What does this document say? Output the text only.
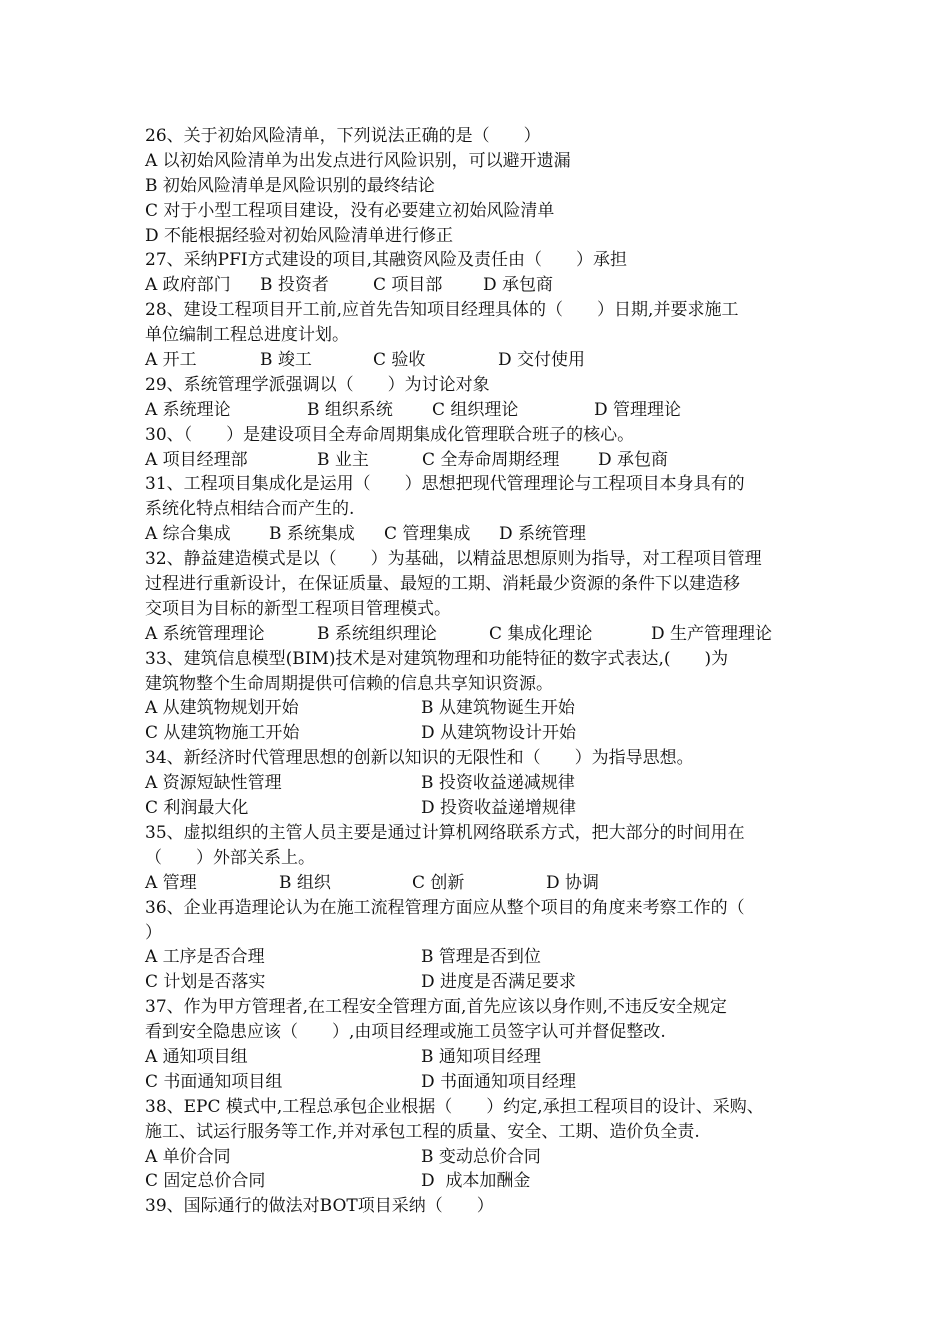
26、关于初始风险清单，下列说法正确的是（　　）
A 以初始风险清单为出发点进行风险识别，可以避开遗漏
B 初始风险清单是风险识别的最终结论
C 对于小型工程项目建设，没有必要建立初始风险清单
D 不能根据经验对初始风险清单进行修正
27、采纳PFI方式建设的项目,其融资风险及责任由（　　）承担
A 政府部门 B 投资者	C 项目部 D 承包商
28、建设工程项目开工前,应首先告知项目经理具体的（　　）日期,并要求施工
单位编制工程总进度计划。
A 开工	B 竣工	C 验收	D 交付使用
29、系统管理学派强调以（　　）为讨论对象
A 系统理论	B 组织系统 C 组织理论	D 管理理论
30、（　　）是建设项目全寿命周期集成化管理联合班子的核心。
A 项目经理部	B 业主	C 全寿命周期经理 D 承包商
31、工程项目集成化是运用（　　）思想把现代管理理论与工程项目本身具有的
系统化特点相结合而产生的.
A 综合集成 B 系统集成 C 管理集成 D 系统管理
32、静益建造模式是以（　　）为基础，以精益思想原则为指导，对工程项目管理
过程进行重新设计，在保证质量、最短的工期、消耗最少资源的条件下以建造移
交项目为目标的新型工程项目管理模式。
A 系统管理理论	B 系统组织理论	C 集成化理论	D 生产管理理论
33、建筑信息模型(BIM)技术是对建筑物理和功能特征的数字式表达,(　　)为
建筑物整个生命周期提供可信赖的信息共享知识资源。
A 从建筑物规划开始	B 从建筑物诞生开始
C 从建筑物施工开始	D 从建筑物设计开始
34、新经济时代管理思想的创新以知识的无限性和（　　）为指导思想。
A 资源短缺性管理	B 投资收益递减规律
C 利润最大化	D 投资收益递增规律
35、虚拟组织的主管人员主要是通过计算机网络联系方式，把大部分的时间用在
（　　）外部关系上。
A 管理	B 组织	C 创新	D 协调
36、企业再造理论认为在施工流程管理方面应从整个项目的角度来考察工作的（
）
A 工序是否合理	B 管理是否到位
C 计划是否落实	D 进度是否满足要求
37、作为甲方管理者,在工程安全管理方面,首先应该以身作则,不违反安全规定
看到安全隐患应该（　　）,由项目经理或施工员签字认可并督促整改.
A 通知项目组	B 通知项目经理
C 书面通知项目组	D 书面通知项目经理
38、EPC 模式中,工程总承包企业根据（　　）约定,承担工程项目的设计、采购、
施工、试运行服务等工作,并对承包工程的质量、安全、工期、造价负全责.
A 单价合同	B 变动总价合同
C 固定总价合同	D  成本加酬金
39、国际通行的做法对BOT项目采纳（　　）
